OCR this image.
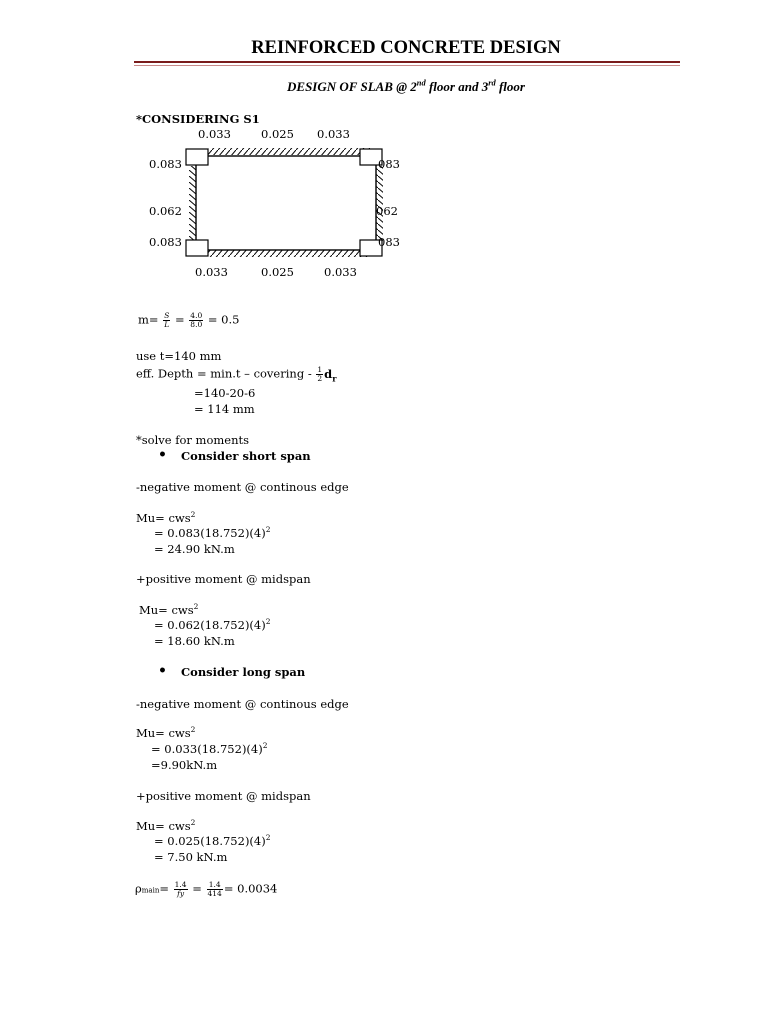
REINFORCED CONCRETE DESIGN
DESIGN OF SLAB @ 2nd floor and 3rd floor
*CONSIDERING S1
0.033	0.025 0.033
0.033	0.025	0.033
0.083
0.062
0.083
083
062
083
$m= \frac{S}{L} = \frac{4.0}{8.0} = 0.5$
use t=140 mm
eff. Depth = min.t – covering - $\frac{1}{2} d_r$
=140-20-6
= 114 mm
*solve for moments
• Consider short span
-negative moment @ continous edge
Mu= cws$^2$
= $0.083(18.752)(4)^2$
= 24.90 kN.m
+positive moment @ midspan
Mu= cws$^2$
= $0.062(18.752)(4)^2$
= 18.60 kN.m
• Consider long span
-negative moment @ continous edge
Mu= cws$^2$
= $0.033(18.752)(4)^2$
=9.90kN.m
+positive moment @ midspan
Mu= cws$^2$
= $0.025(18.752)(4)^2$
= 7.50 kN.m
ρmain= $\frac{1.4}{fy} = \frac{1.4}{414} = 0.0034$
